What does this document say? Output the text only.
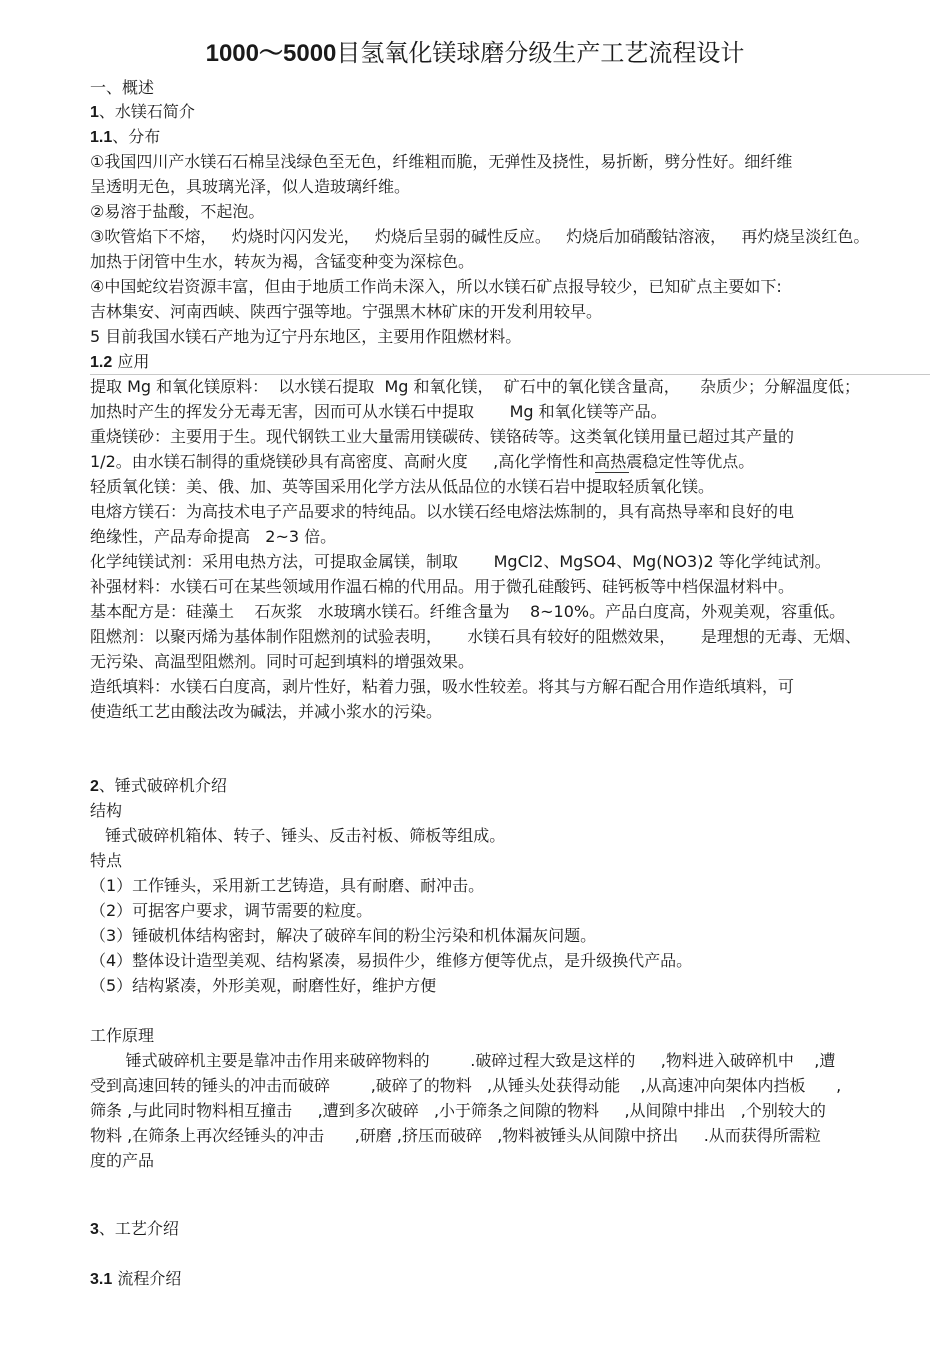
1000～5000目氢氧化镁球磨分级生产工艺流程设计
一、概述
1、水镁石简介
1.1、分布
①我国四川产水镁石石棉呈浅绿色至无色，纤维粗而脆，无弹性及挠性，易折断，劈分性好。细纤维
呈透明无色，具玻璃光泽，似人造玻璃纤维。
②易溶于盐酸，不起泡。
③吹管焰下不熔，   灼烧时闪闪发光，   灼烧后呈弱的碱性反应。   灼烧后加硝酸钴溶液，   再灼烧呈淡红色。
加热于闭管中生水，转灰为褐，含锰变种变为深棕色。
④中国蛇纹岩资源丰富，但由于地质工作尚未深入，所以水镁石矿点报导较少，已知矿点主要如下:
吉林集安、河南西峡、陕西宁强等地。宁强黑木林矿床的开发利用较早。
5 目前我国水镁石产地为辽宁丹东地区，主要用作阻燃材料。
1.2 应用
提取 Mg 和氧化镁原料：  以水镁石提取  Mg 和氧化镁，  矿石中的氧化镁含量高，    杂质少；分解温度低；
加热时产生的挥发分无毒无害，因而可从水镁石中提取       Mg 和氧化镁等产品。
重烧镁砂：主要用于生。现代钢铁工业大量需用镁碳砖、镁铬砖等。这类氧化镁用量已超过其产量的
1/2。由水镁石制得的重烧镁砂具有高密度、高耐火度     ,高化学惰性和高热震稳定性等优点。
轻质氧化镁：美、俄、加、英等国采用化学方法从低品位的水镁石岩中提取轻质氧化镁。
电熔方镁石：为高技术电子产品要求的特纯品。以水镁石经电熔法炼制的，具有高热导率和良好的电
绝缘性，产品寿命提高   2~3 倍。
化学纯镁试剂：采用电热方法，可提取金属镁，制取       MgCl2、MgSO4、Mg(NO3)2 等化学纯试剂。
补强材料：水镁石可在某些领域用作温石棉的代用品。用于微孔硅酸钙、硅钙板等中档保温材料中。
基本配方是：硅藻土    石灰浆   水玻璃水镁石。纤维含量为    8~10%。产品白度高，外观美观，容重低。
阻燃剂：以聚丙烯为基体制作阻燃剂的试验表明，     水镁石具有较好的阻燃效果，     是理想的无毒、无烟、
无污染、高温型阻燃剂。同时可起到填料的增强效果。
造纸填料：水镁石白度高，剥片性好，粘着力强，吸水性较差。将其与方解石配合用作造纸填料，可
使造纸工艺由酸法改为碱法，并减小浆水的污染。
2、锤式破碎机介绍
结构
锤式破碎机箱体、转子、锤头、反击衬板、筛板等组成。
特点
（1）工作锤头，采用新工艺铸造，具有耐磨、耐冲击。
（2）可据客户要求，调节需要的粒度。
（3）锤破机体结构密封，解决了破碎车间的粉尘污染和机体漏灰问题。
（4）整体设计造型美观、结构紧凑，易损件少，维修方便等优点，是升级换代产品。
（5）结构紧凑，外形美观，耐磨性好，维护方便
工作原理
锤式破碎机主要是靠冲击作用来破碎物料的        .破碎过程大致是这样的     ,物料进入破碎机中    ,遭
受到高速回转的锤头的冲击而破碎        ,破碎了的物料   ,从锤头处获得动能    ,从高速冲向架体内挡板      ,
筛条 ,与此同时物料相互撞击     ,遭到多次破碎   ,小于筛条之间隙的物料     ,从间隙中排出   ,个别较大的
物料 ,在筛条上再次经锤头的冲击      ,研磨 ,挤压而破碎   ,物料被锤头从间隙中挤出     .从而获得所需粒
度的产品
3、工艺介绍
3.1 流程介绍
